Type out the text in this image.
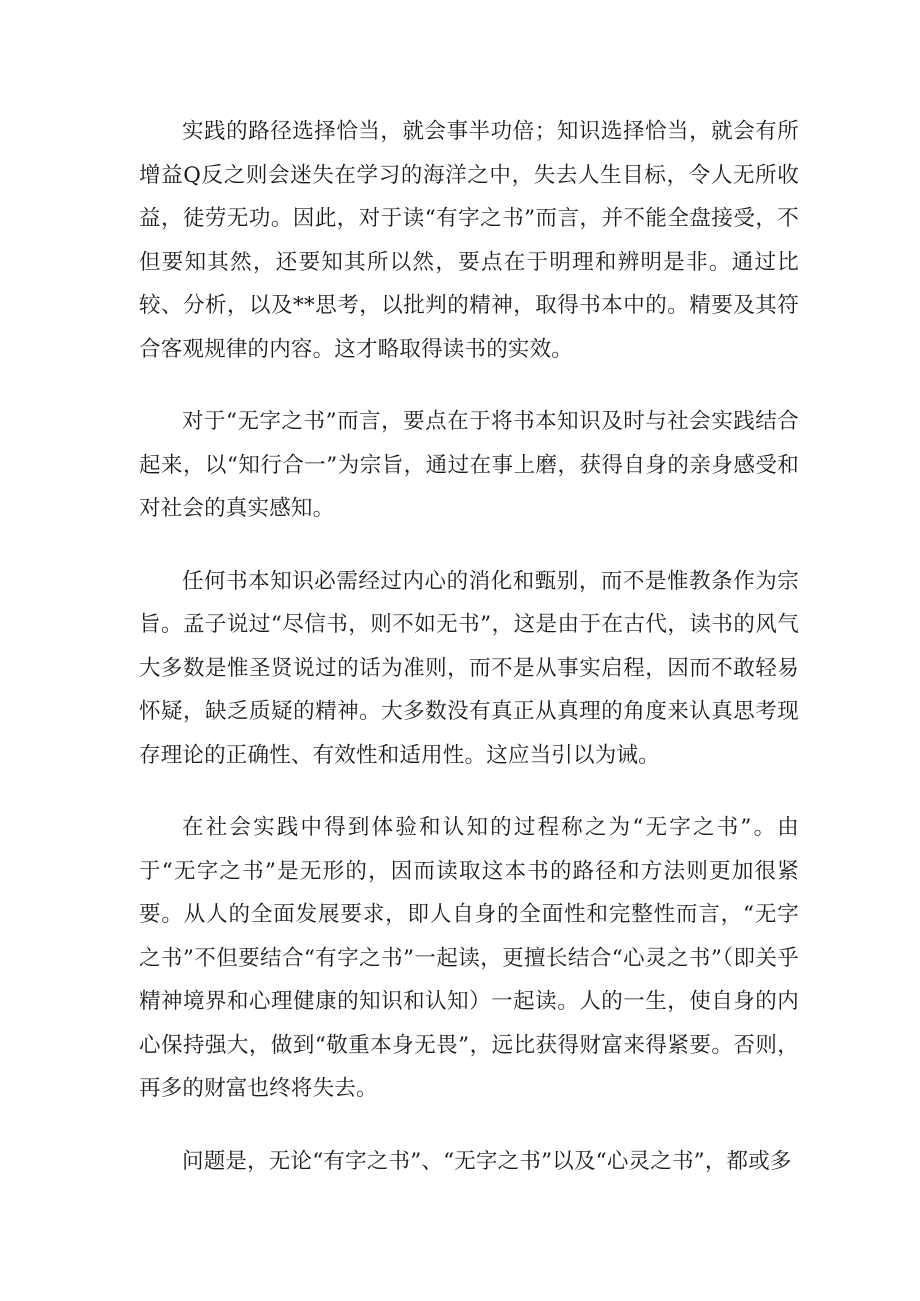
实践的路径选择恰当，就会事半功倍；知识选择恰当，就会有所增益Q反之则会迷失在学习的海洋之中，失去人生目标，令人无所收益，徒劳无功。因此，对于读“有字之书”而言，并不能全盘接受，不但要知其然，还要知其所以然，要点在于明理和辨明是非。通过比较、分析，以及**思考，以批判的精神，取得书本中的。精要及其符合客观规律的内容。这才略取得读书的实效。

对于“无字之书”而言，要点在于将书本知识及时与社会实践结合起来，以“知行合一”为宗旨，通过在事上磨，获得自身的亲身感受和对社会的真实感知。

任何书本知识必需经过内心的消化和甄别，而不是惟教条作为宗旨。孟子说过“尽信书，则不如无书”，这是由于在古代，读书的风气大多数是惟圣贤说过的话为准则，而不是从事实启程，因而不敢轻易怀疑，缺乏质疑的精神。大多数没有真正从真理的角度来认真思考现存理论的正确性、有效性和适用性。这应当引以为诫。

在社会实践中得到体验和认知的过程称之为“无字之书”。由于“无字之书”是无形的，因而读取这本书的路径和方法则更加很紧要。从人的全面发展要求，即人自身的全面性和完整性而言，“无字之书”不但要结合“有字之书”一起读，更擅长结合“心灵之书”（即关乎精神境界和心理健康的知识和认知）一起读。人的一生，使自身的内心保持强大，做到“敬重本身无畏”，远比获得财富来得紧要。否则，再多的财富也终将失去。

问题是，无论“有字之书”、“无字之书”以及“心灵之书”，都或多
